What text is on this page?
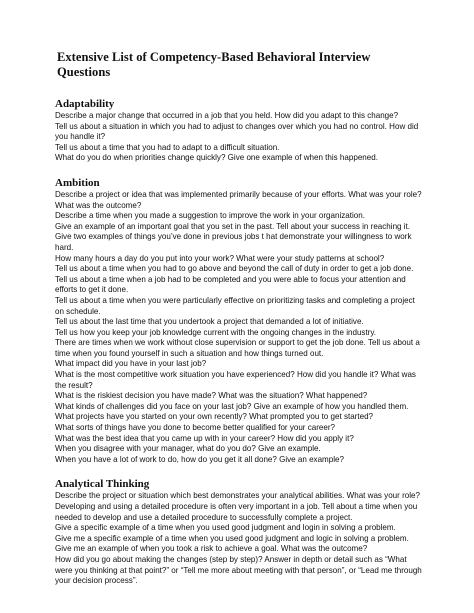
Extensive List of Competency-Based Behavioral Interview Questions
Adaptability

Describe a major change that occurred in a job that you held. How did you adapt to this change?

Tell us about a situation in which you had to adjust to changes over which you had no control. How did you handle it?

Tell us about a time that you had to adapt to a difficult situation.

What do you do when priorities change quickly? Give one example of when this happened.

Ambition

Describe a project or idea that was implemented primarily because of your efforts. What was your role? What was the outcome?

Describe a time when you made a suggestion to improve the work in your organization.

Give an example of an important goal that you set in the past. Tell about your success in reaching it.

Give two examples of things you’ve done in previous jobs t hat demonstrate your willingness to work hard.

How many hours a day do you put into your work? What were your study patterns at school?

Tell us about a time when you had to go above and beyond the call of duty in order to get a job done.

Tell us about a time when a job had to be completed and you were able to focus your attention and efforts to get it done.

Tell us about a time when you were particularly effective on prioritizing tasks and completing a project on schedule.

Tell us about the last time that you undertook a project that demanded a lot of initiative.

Tell us how you keep your job knowledge current with the ongoing changes in the industry.

There are times when we work without close supervision or support to get the job done. Tell us about a time when you found yourself in such a situation and how things turned out.

What impact did you have in your last job?

What is the most competitive work situation you have experienced? How did you handle it? What was the result?

What is the riskiest decision you have made? What was the situation? What happened?

What kinds of challenges did you face on your last job? Give an example of how you handled them.

What projects have you started on your own recently? What prompted you to get started?

What sorts of things have you done to become better qualified for your career?

What was the best idea that you came up with in your career? How did you apply it?

When you disagree with your manager, what do you do? Give an example.

When you have a lot of work to do, how do you get it all done? Give an example?

Analytical Thinking

Describe the project or situation which best demonstrates your analytical abilities. What was your role?

Developing and using a detailed procedure is often very important in a job. Tell about a time when you needed to develop and use a detailed procedure to successfully complete a project.

Give a specific example of a time when you used good judgment and login in solving a problem.

Give me a specific example of a time when you used good judgment and logic in solving a problem.

Give me an example of when you took a risk to achieve a goal. What was the outcome?

How did you go about making the changes (step by step)? Answer in depth or detail such as “What were you thinking at that point?” or “Tell me more about meeting with that person”, or “Lead me through your decision process”.
